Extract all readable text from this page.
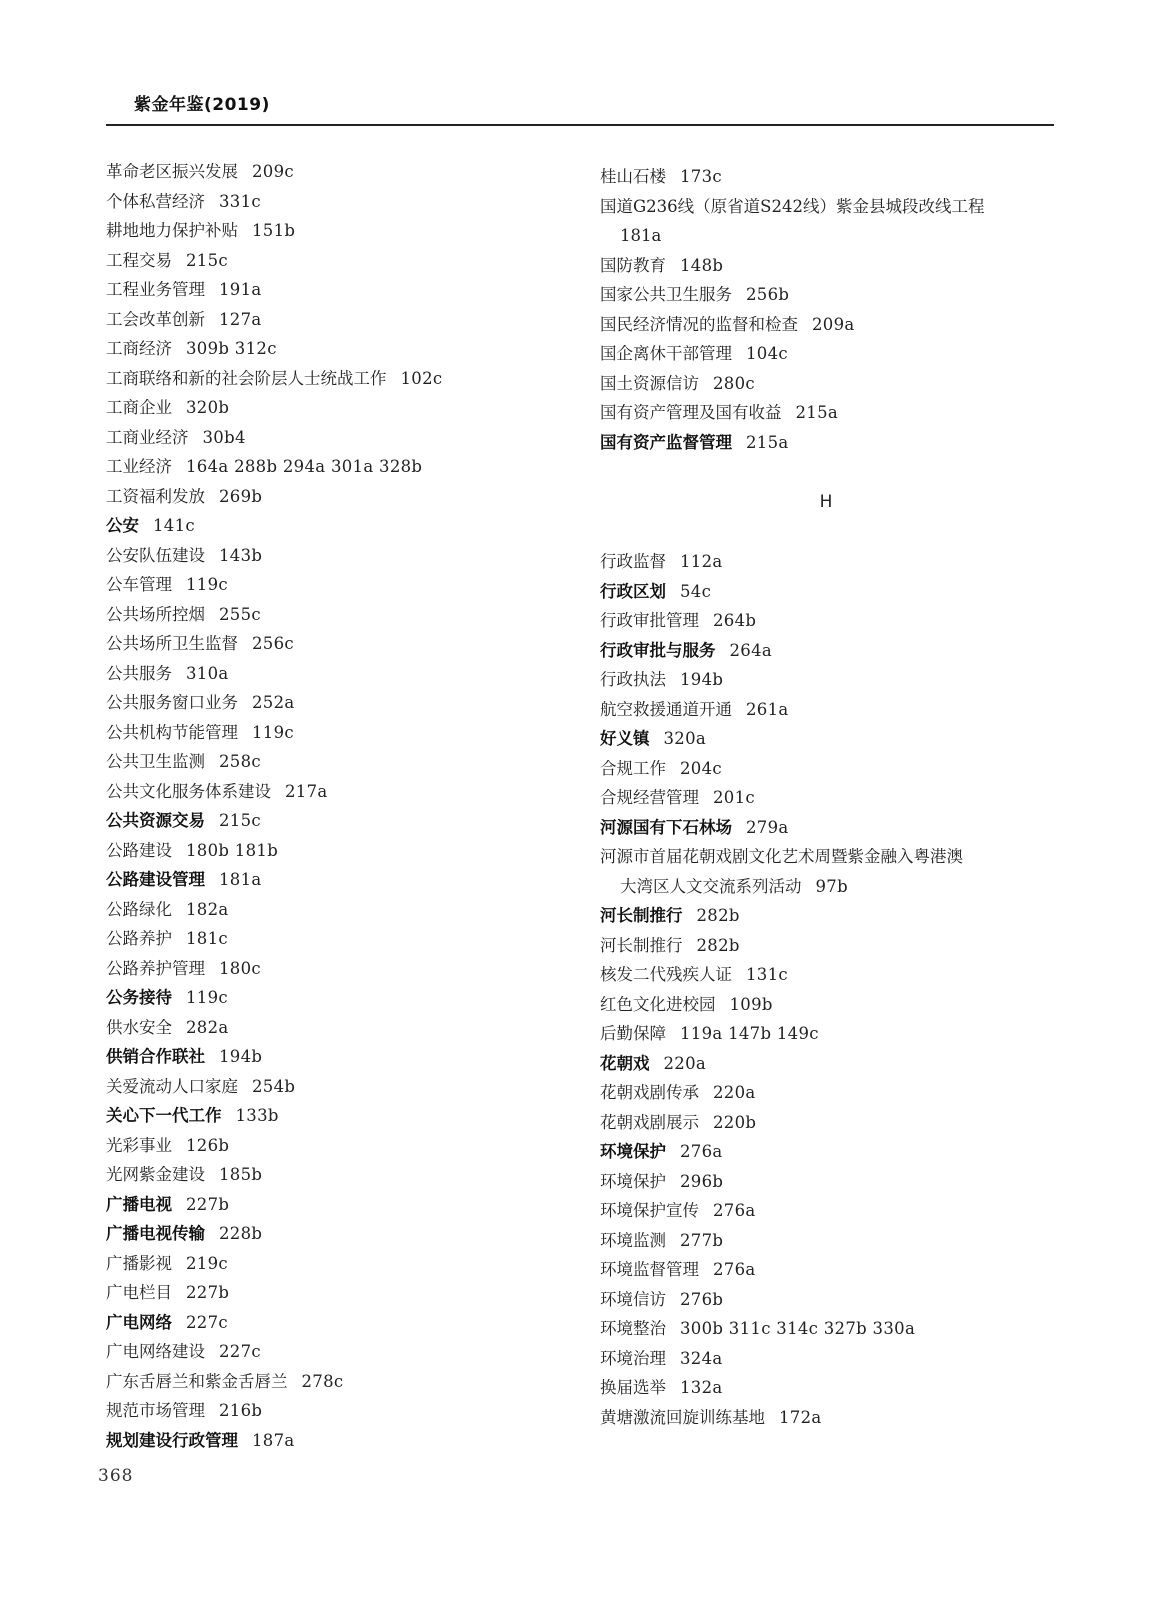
紫金年鉴(2019)
革命老区振兴发展 209c
个体私营经济 331c
耕地地力保护补贴 151b
工程交易 215c
工程业务管理 191a
工会改革创新 127a
工商经济 309b 312c
工商联络和新的社会阶层人士统战工作 102c
工商企业 320b
工商业经济 30b4
工业经济 164a 288b 294a 301a 328b
工资福利发放 269b
公安 141c
公安队伍建设 143b
公车管理 119c
公共场所控烟 255c
公共场所卫生监督 256c
公共服务 310a
公共服务窗口业务 252a
公共机构节能管理 119c
公共卫生监测 258c
公共文化服务体系建设 217a
公共资源交易 215c
公路建设 180b 181b
公路建设管理 181a
公路绿化 182a
公路养护 181c
公路养护管理 180c
公务接待 119c
供水安全 282a
供销合作联社 194b
关爱流动人口家庭 254b
关心下一代工作 133b
光彩事业 126b
光网紫金建设 185b
广播电视 227b
广播电视传输 228b
广播影视 219c
广电栏目 227b
广电网络 227c
广电网络建设 227c
广东舌唇兰和紫金舌唇兰 278c
规范市场管理 216b
规划建设行政管理 187a
桂山石楼 173c
国道G236线（原省道S242线）紫金县城段改线工程
181a
国防教育 148b
国家公共卫生服务 256b
国民经济情况的监督和检查 209a
国企离休干部管理 104c
国土资源信访 280c
国有资产管理及国有收益 215a
国有资产监督管理 215a
H
行政监督 112a
行政区划 54c
行政审批管理 264b
行政审批与服务 264a
行政执法 194b
航空救援通道开通 261a
好义镇 320a
合规工作 204c
合规经营管理 201c
河源国有下石林场 279a
河源市首届花朝戏剧文化艺术周暨紫金融入粤港澳
大湾区人文交流系列活动 97b
河长制推行 282b
河长制推行 282b
核发二代残疾人证 131c
红色文化进校园 109b
后勤保障 119a 147b 149c
花朝戏 220a
花朝戏剧传承 220a
花朝戏剧展示 220b
环境保护 276a
环境保护 296b
环境保护宣传 276a
环境监测 277b
环境监督管理 276a
环境信访 276b
环境整治 300b 311c 314c 327b 330a
环境治理 324a
换届选举 132a
黄塘激流回旋训练基地 172a
368
